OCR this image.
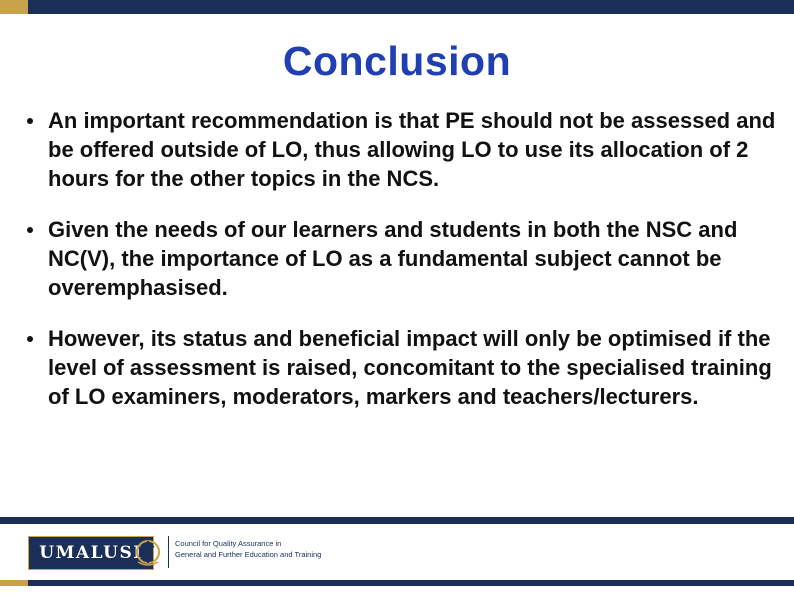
Conclusion
An important recommendation is that PE should not be assessed and be offered outside of LO, thus allowing LO to use its allocation of 2 hours for the other topics in the NCS.
Given the needs of our learners and students in both the NSC and NC(V), the importance of LO as a fundamental subject cannot be overemphasised.
However, its status and beneficial impact will only be optimised if the level of assessment is raised, concomitant to the specialised training of LO examiners, moderators, markers and teachers/lecturers.
UMALUSI	Council for Quality Assurance in
General and Further Education and Training
